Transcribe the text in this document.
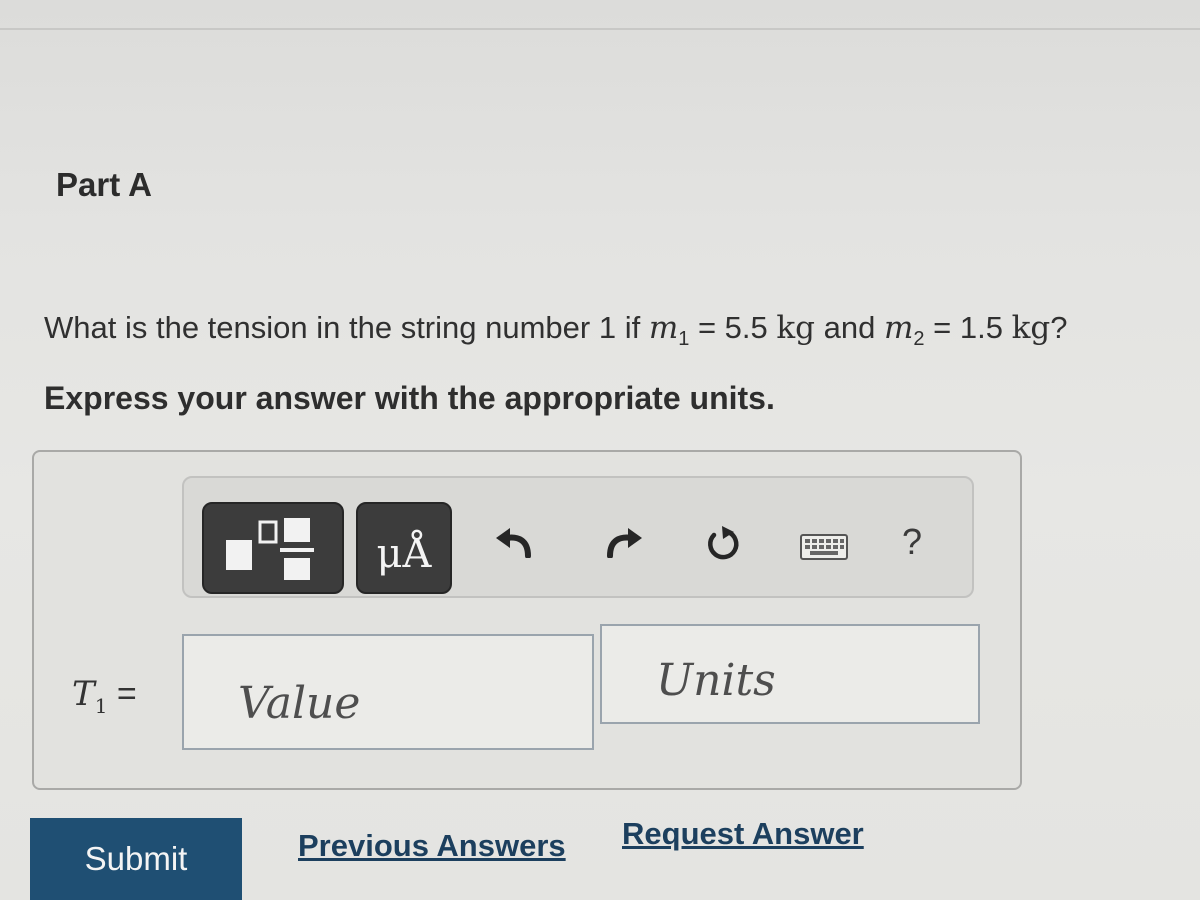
Part A
What is the tension in the string number 1 if $m_1 = 5.5$ kg and $m_2 = 1.5$ kg?
Express your answer with the appropriate units.
μÅ	?
$T_1$ =
Value
Units
Submit	Previous Answers Request Answer
